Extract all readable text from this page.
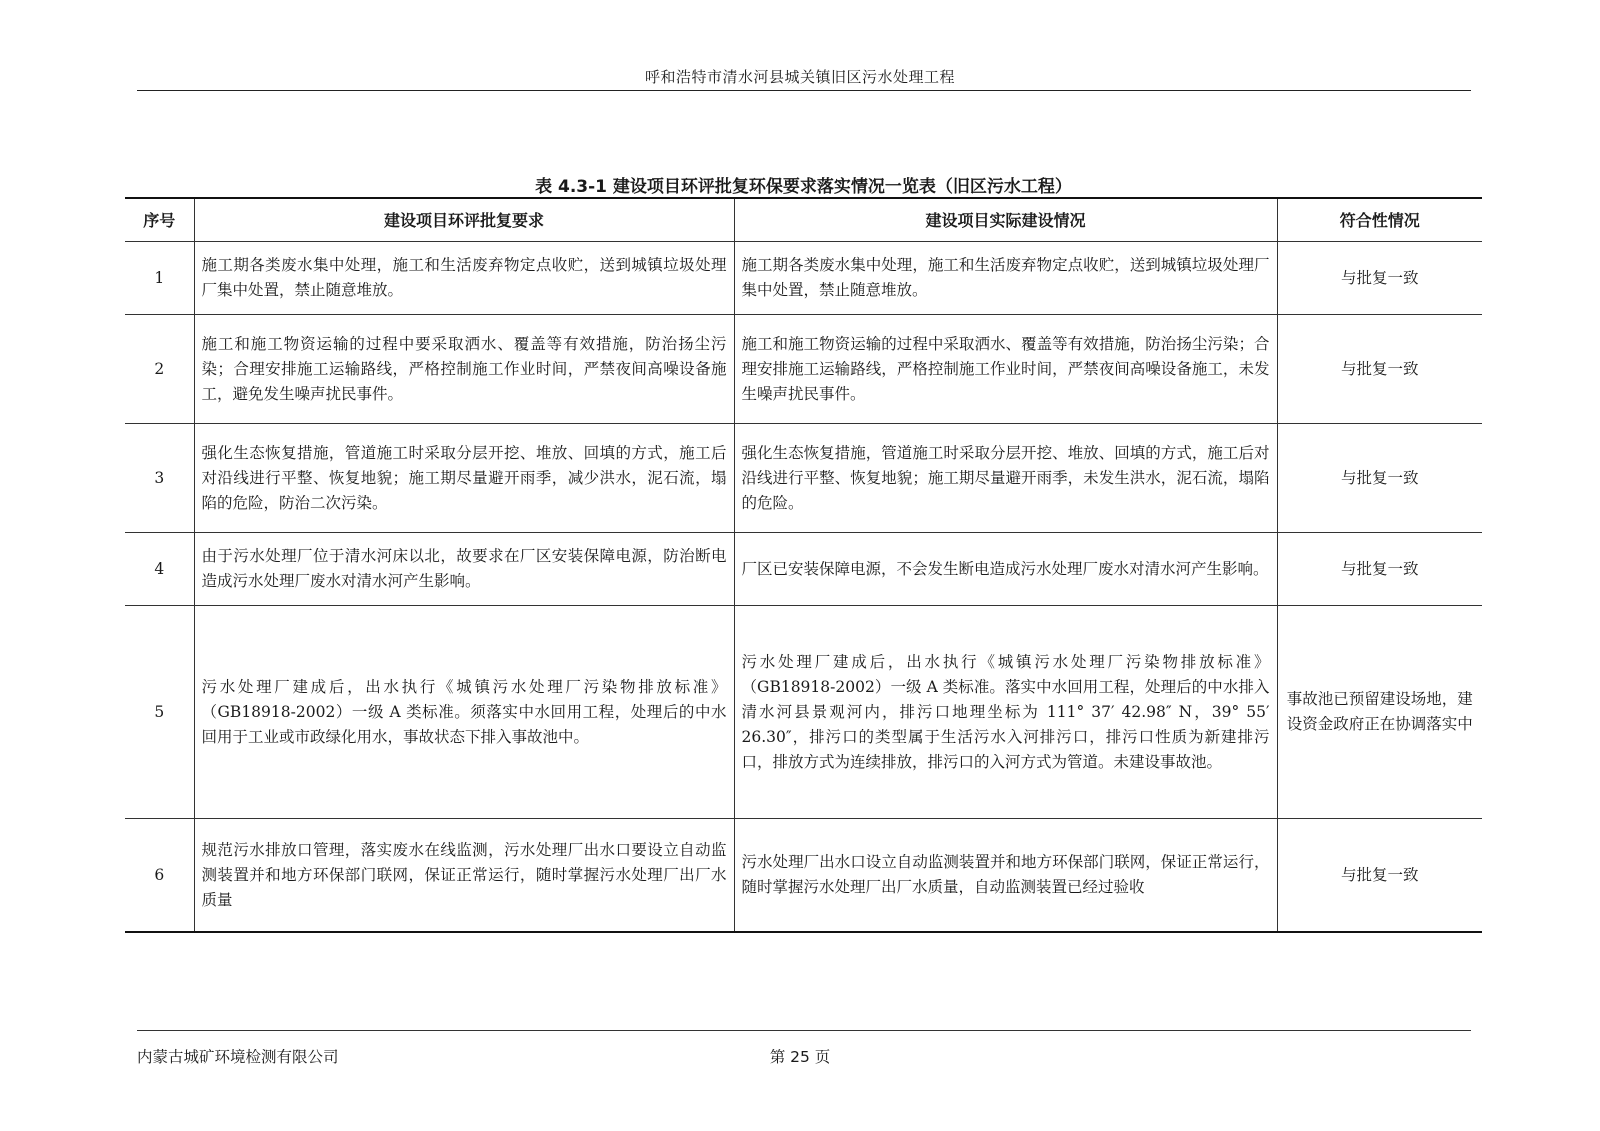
呼和浩特市清水河县城关镇旧区污水处理工程
表 4.3-1 建设项目环评批复环保要求落实情况一览表（旧区污水工程）
序号	建设项目环评批复要求	建设项目实际建设情况	符合性情况
1	施工期各类废水集中处理，施工和生活废弃物定点收贮，送到城镇垃圾处理厂集中处置，禁止随意堆放。	施工期各类废水集中处理，施工和生活废弃物定点收贮，送到城镇垃圾处理厂集中处置，禁止随意堆放。	与批复一致
2	施工和施工物资运输的过程中要采取洒水、覆盖等有效措施，防治扬尘污染；合理安排施工运输路线，严格控制施工作业时间，严禁夜间高噪设备施工，避免发生噪声扰民事件。	施工和施工物资运输的过程中采取洒水、覆盖等有效措施，防治扬尘污染；合理安排施工运输路线，严格控制施工作业时间，严禁夜间高噪设备施工，未发生噪声扰民事件。	与批复一致
3	强化生态恢复措施，管道施工时采取分层开挖、堆放、回填的方式，施工后对沿线进行平整、恢复地貌；施工期尽量避开雨季，减少洪水，泥石流，塌陷的危险，防治二次污染。	强化生态恢复措施，管道施工时采取分层开挖、堆放、回填的方式，施工后对沿线进行平整、恢复地貌；施工期尽量避开雨季，未发生洪水，泥石流，塌陷的危险。	与批复一致
4	由于污水处理厂位于清水河床以北，故要求在厂区安装保障电源，防治断电造成污水处理厂废水对清水河产生影响。	厂区已安装保障电源，不会发生断电造成污水处理厂废水对清水河产生影响。	与批复一致
5	污水处理厂建成后，出水执行《城镇污水处理厂污染物排放标准》（GB18918-2002）一级 A 类标准。须落实中水回用工程，处理后的中水回用于工业或市政绿化用水，事故状态下排入事故池中。	污水处理厂建成后，出水执行《城镇污水处理厂污染物排放标准》（GB18918-2002）一级 A 类标准。落实中水回用工程，处理后的中水排入清水河县景观河内，排污口地理坐标为 111° 37′ 42.98″ N，39° 55′ 26.30″，排污口的类型属于生活污水入河排污口，排污口性质为新建排污口，排放方式为连续排放，排污口的入河方式为管道。未建设事故池。	事故池已预留建设场地，建设资金政府正在协调落实中
6	规范污水排放口管理，落实废水在线监测，污水处理厂出水口要设立自动监测装置并和地方环保部门联网，保证正常运行，随时掌握污水处理厂出厂水质量	污水处理厂出水口设立自动监测装置并和地方环保部门联网，保证正常运行，随时掌握污水处理厂出厂水质量，自动监测装置已经过验收	与批复一致
内蒙古城矿环境检测有限公司	第 25 页
